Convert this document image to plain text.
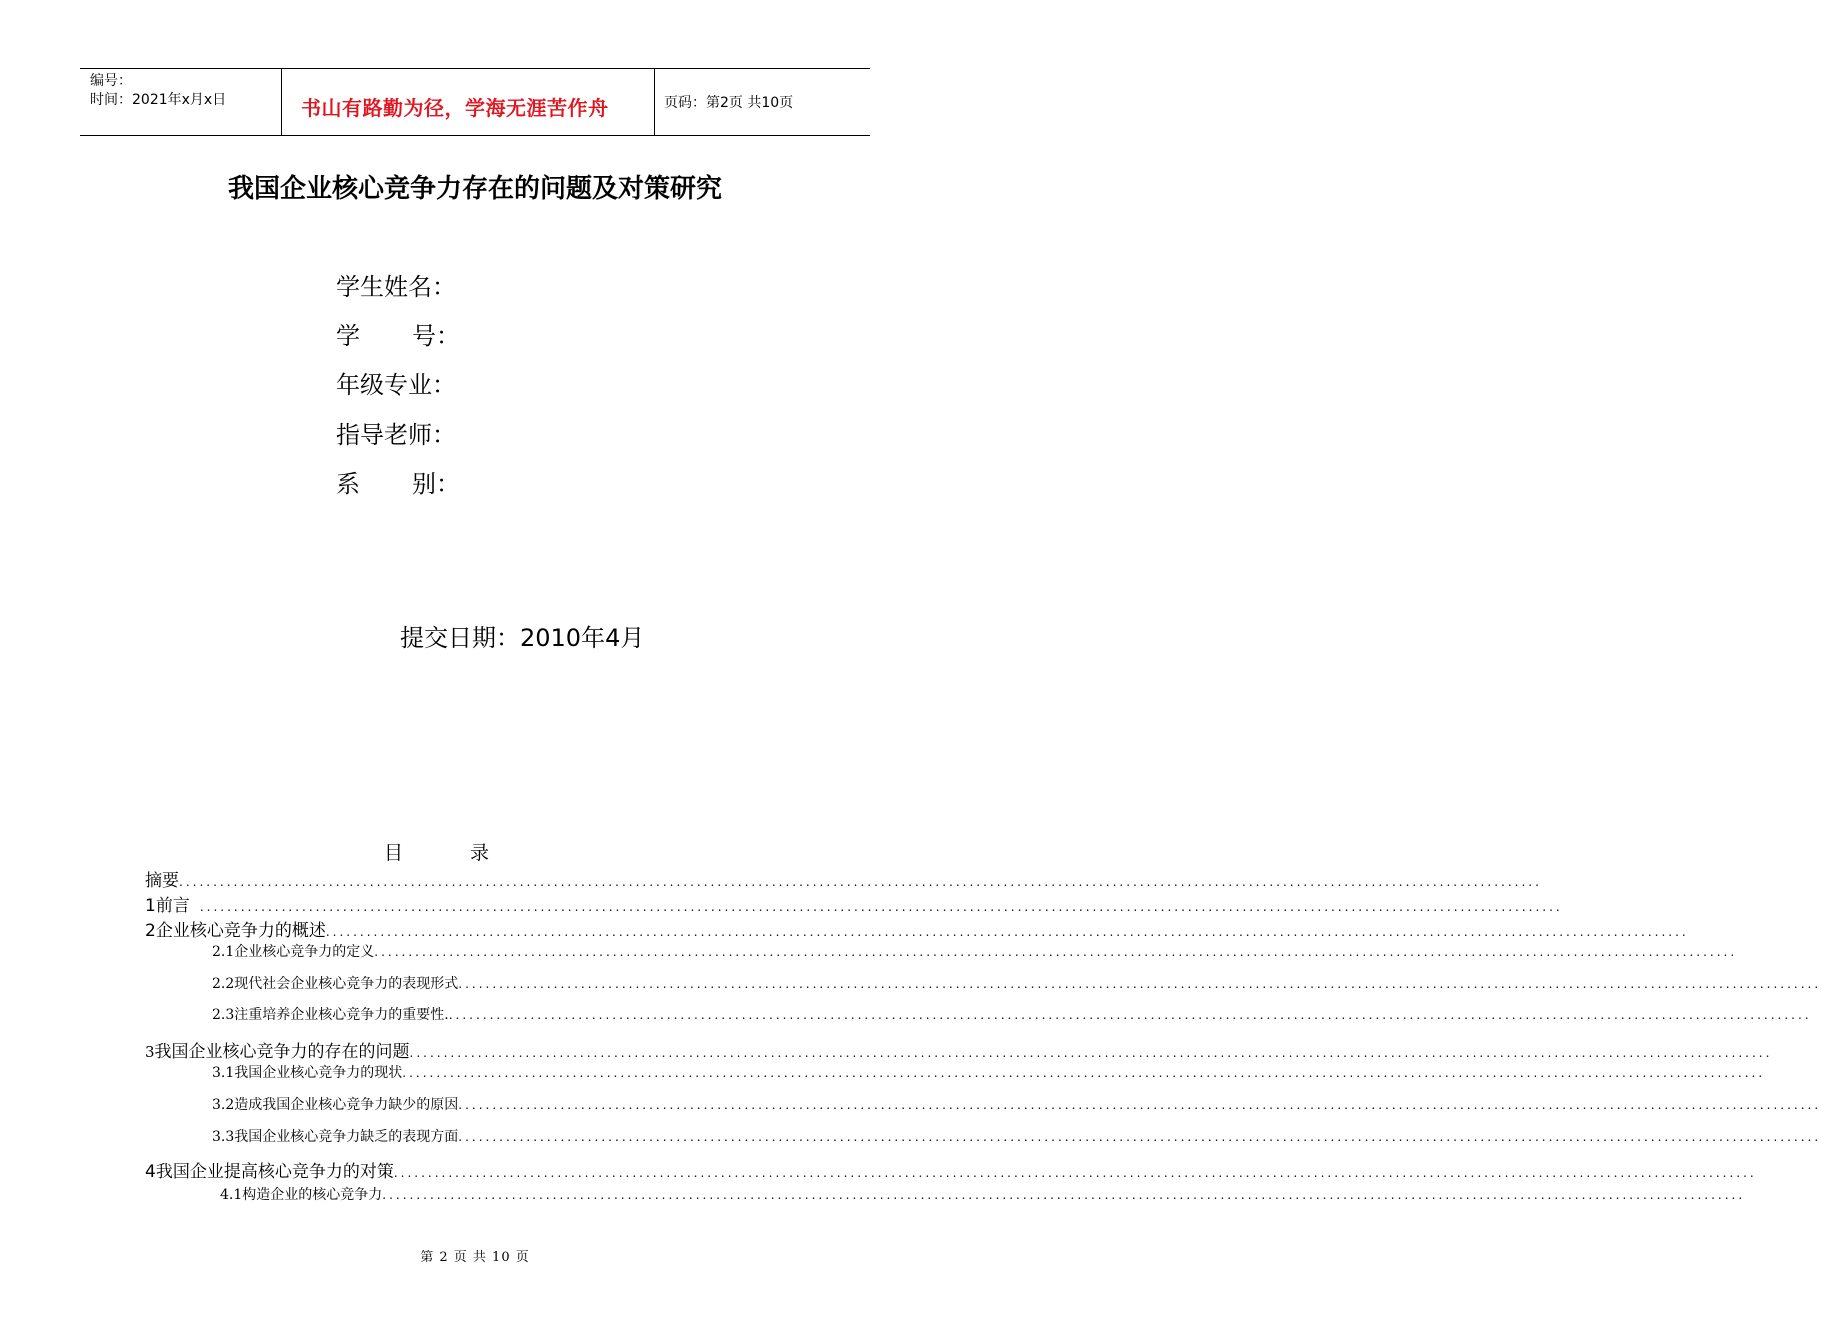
编号：
时间：2021年x月x日	书山有路勤为径，学海无涯苦作舟	页码：第2页 共10页
我国企业核心竞争力存在的问题及对策研究
学生姓名：
学 号：
年级专业：
指导老师：
系 别：
提交日期：2010年4月
目	录
摘要 ........................................................................................................................................................................................................
1 前言 ........................................................................................................................................................................................................
2 企业核心竞争力的概述 ........................................................................................................................................................................................................
2.1 企业核心竞争力的定义 ........................................................................................................................................................................................................
2.2 现代社会企业核心竞争力的表现形式 ........................................................................................................................................................................................................
2.3 注重培养企业核心竞争力的重要性. ........................................................................................................................................................................................................
3 我国企业核心竞争力的存在的问题 ........................................................................................................................................................................................................
3.1 我国企业核心竞争力的现状 ........................................................................................................................................................................................................
3.2 造成我国企业核心竞争力缺少的原因 ........................................................................................................................................................................................................
3.3 我国企业核心竞争力缺乏的表现方面 ........................................................................................................................................................................................................
4 我国企业提高核心竞争力的对策 ........................................................................................................................................................................................................
4.1 构造企业的核心竞争力 ........................................................................................................................................................................................................
第 2 页 共 10 页
